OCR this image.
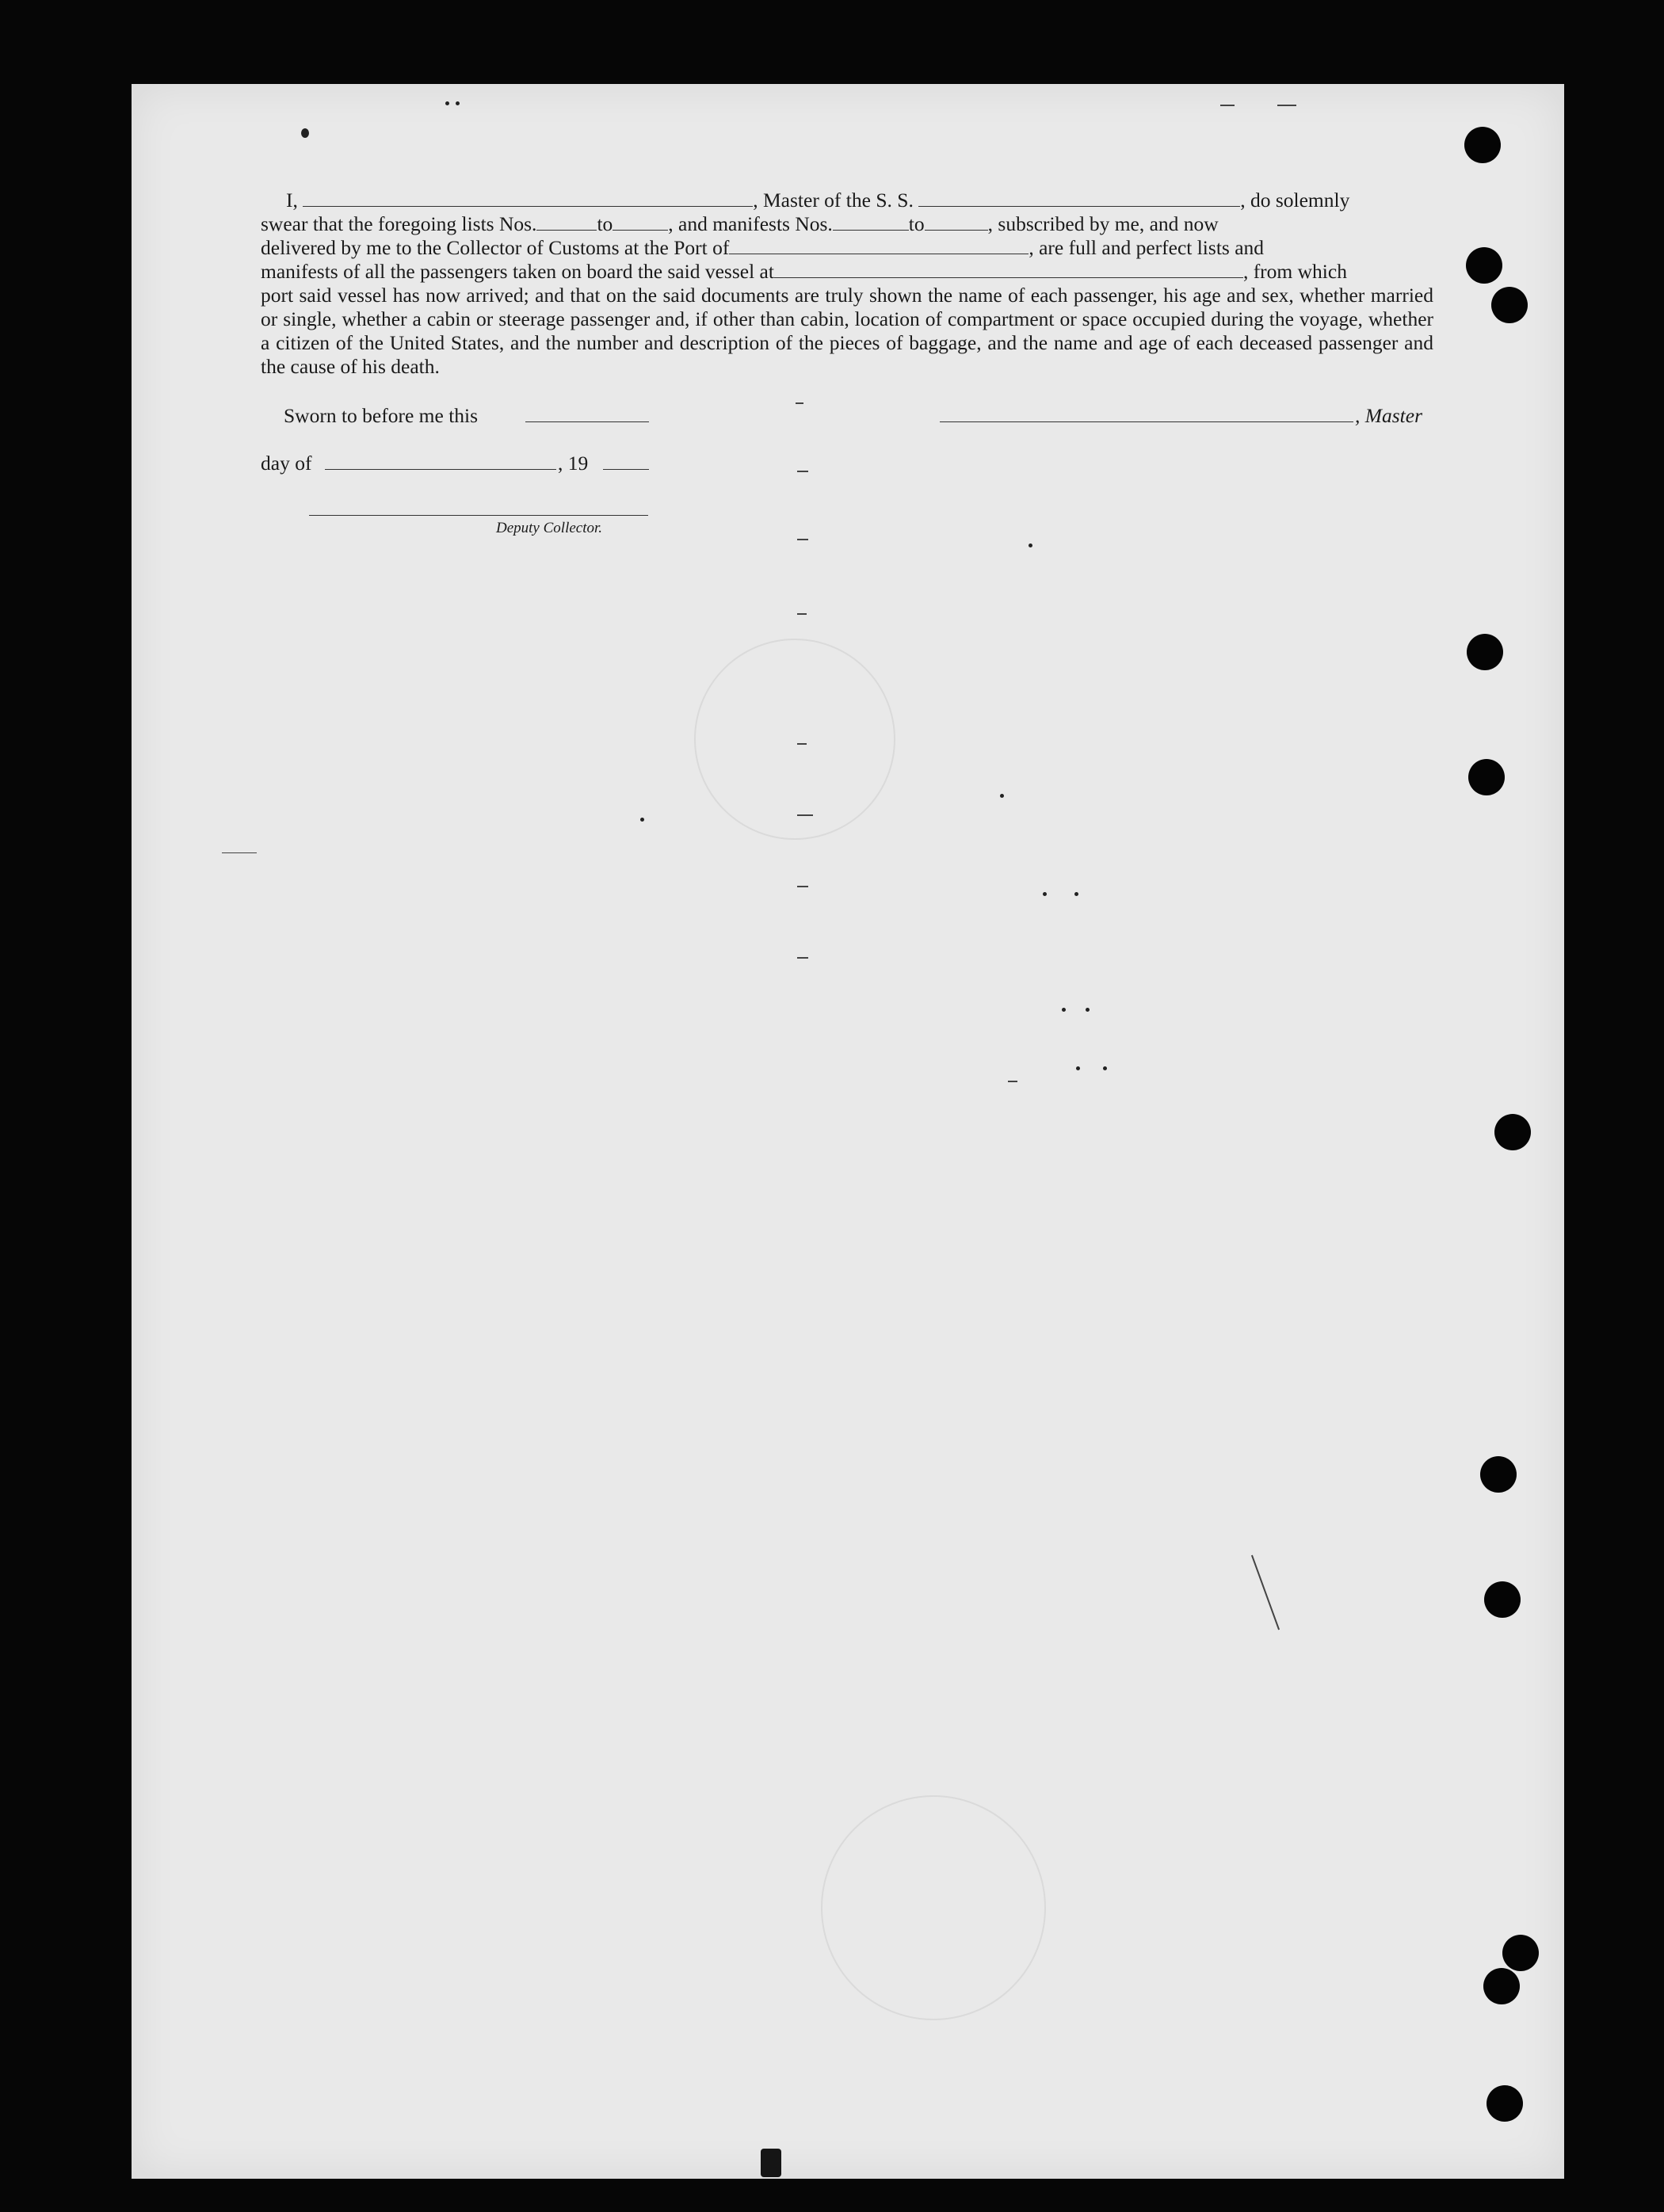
I,	, Master of the S. S.	, do solemnly
swear that the foregoing lists Nos.	to	, and manifests Nos.	to	, subscribed by me, and now
delivered by me to the Collector of Customs at the Port of	, are full and perfect lists and
manifests of all the passengers taken on board the said vessel at	, from which
port said vessel has now arrived; and that on the said documents are truly shown the name of each passenger, his age and sex, whether married or single, whether a cabin or steerage passenger and, if other than cabin, location of compartment or space occupied during the voyage, whether a citizen of the United States, and the number and description of the pieces of baggage, and the name and age of each deceased passenger and the cause of his death.
Sworn to before me this	, Master
day of	, 19
Deputy Collector.
